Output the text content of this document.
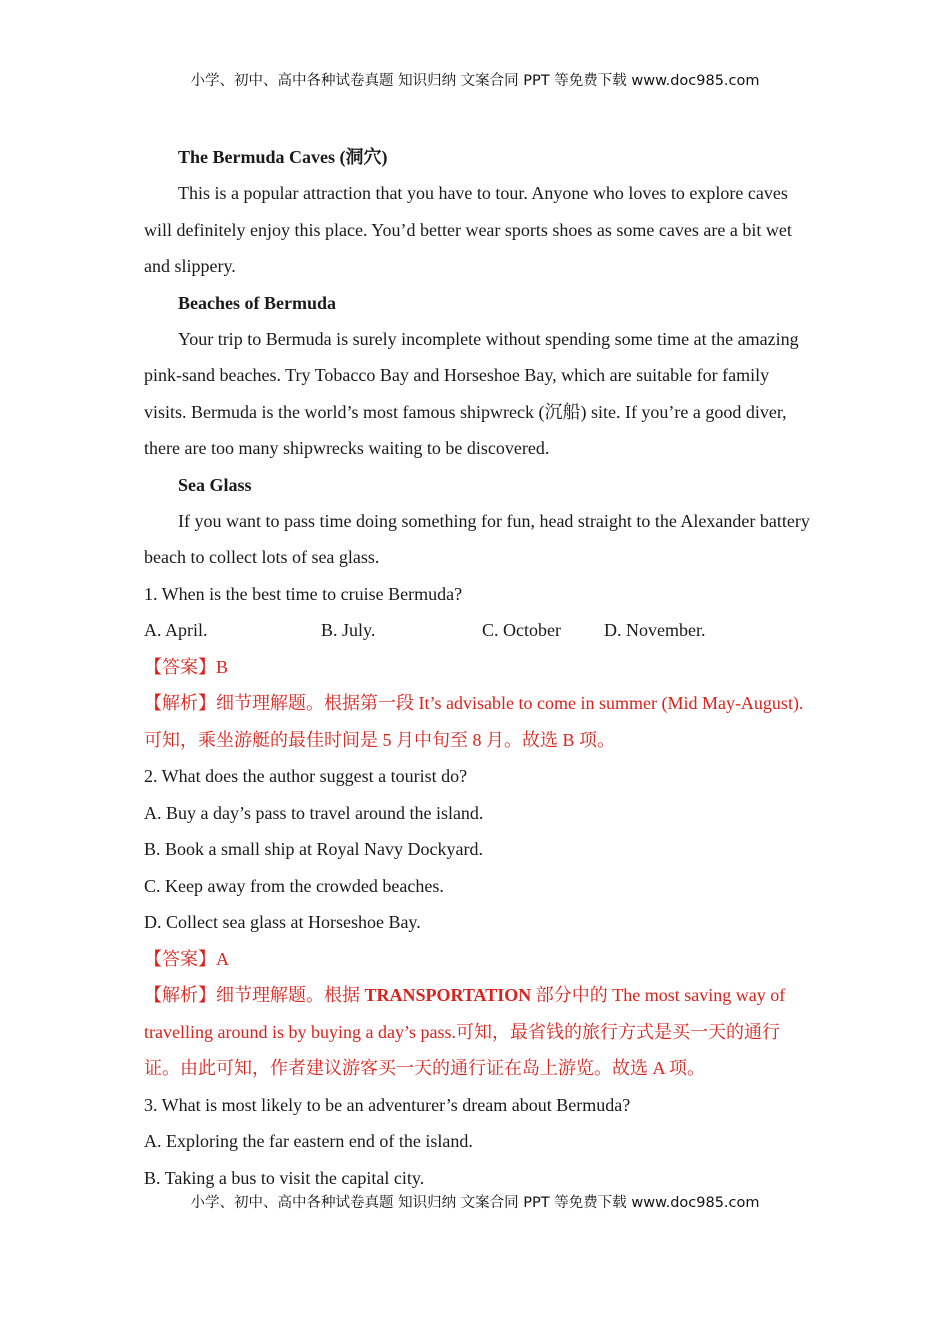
小学、初中、高中各种试卷真题 知识归纳 文案合同 PPT 等免费下载 www.doc985.com
The Bermuda Caves (洞穴)

This is a popular attraction that you have to tour. Anyone who loves to explore caves will definitely enjoy this place. You’d better wear sports shoes as some caves are a bit wet and slippery.

Beaches of Bermuda

Your trip to Bermuda is surely incomplete without spending some time at the amazing pink-sand beaches. Try Tobacco Bay and Horseshoe Bay, which are suitable for family visits. Bermuda is the world’s most famous shipwreck (沉船) site. If you’re a good diver, there are too many shipwrecks waiting to be discovered.

Sea Glass

If you want to pass time doing something for fun, head straight to the Alexander battery beach to collect lots of sea glass.

1. When is the best time to cruise Bermuda?

A. April.	B. July.	C. October	D. November.

【答案】B

【解析】细节理解题。根据第一段 It’s advisable to come in summer (Mid May-August).可知，乘坐游艇的最佳时间是 5 月中旬至 8 月。故选 B 项。

2. What does the author suggest a tourist do?

A. Buy a day’s pass to travel around the island.

B. Book a small ship at Royal Navy Dockyard.

C. Keep away from the crowded beaches.

D. Collect sea glass at Horseshoe Bay.

【答案】A

【解析】细节理解题。根据 TRANSPORTATION 部分中的 The most saving way of travelling around is by buying a day’s pass.可知，最省钱的旅行方式是买一天的通行证。由此可知，作者建议游客买一天的通行证在岛上游览。故选 A 项。

3. What is most likely to be an adventurer’s dream about Bermuda?

A. Exploring the far eastern end of the island.

B. Taking a bus to visit the capital city.

小学、初中、高中各种试卷真题 知识归纳 文案合同 PPT 等免费下载 www.doc985.com
